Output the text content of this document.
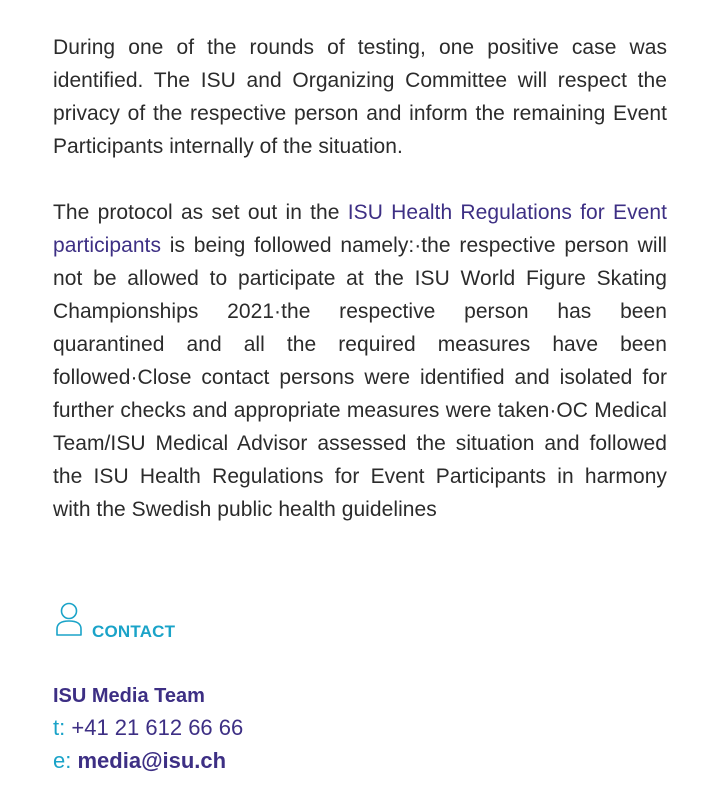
During one of the rounds of testing, one positive case was identified. The ISU and Organizing Committee will respect the privacy of the respective person and inform the remaining Event Participants internally of the situation.

The protocol as set out in the ISU Health Regulations for Event participants is being followed namely:·the respective person will not be allowed to participate at the ISU World Figure Skating Championships 2021·the respective person has been quarantined and all the required measures have been followed·Close contact persons were identified and isolated for further checks and appropriate measures were taken·OC Medical Team/ISU Medical Advisor assessed the situation and followed the ISU Health Regulations for Event Participants in harmony with the Swedish public health guidelines

CONTACT

ISU Media Team

t: +41 21 612 66 66

e: media@isu.ch
